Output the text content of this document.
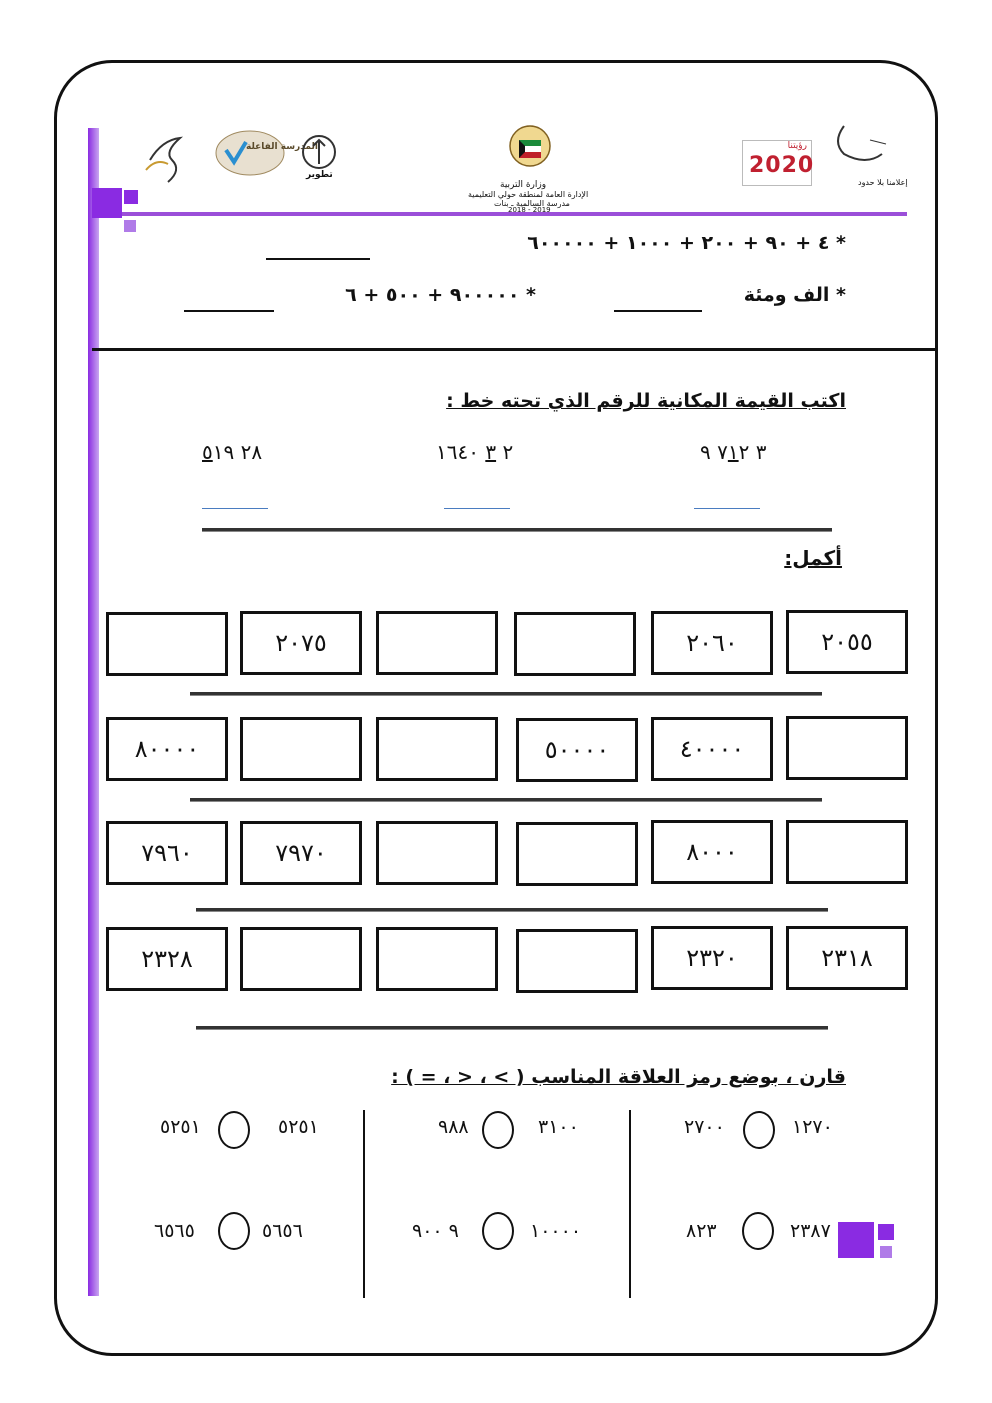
المدرسة الفاعلة
تطوير
وزارة التربية
الإدارة العامة لمنطقة حولي التعليمية
مدرسة السالمية ـ بنات
2018 - 2019
رؤيتنا
2020
إعلامنا بلا حدود
* ٤ + ٩٠ + ٢٠٠ + ١٠٠٠ + ٦٠٠٠٠٠
* الف ومئة
* ٩٠٠٠٠٠ + ٥٠٠ + ٦
اكتب القيمة المكانية للرقم الذي تحته خط :
٣ ٧١٢ ٩
٢ ٣ ١٦٤٠
٢٨ ٥١٩
أكمل:
٢٠٥٥
٢٠٦٠
٢٠٧٥
٤٠٠٠٠
٥٠٠٠٠
٨٠٠٠٠
٨٠٠٠
٧٩٧٠
٧٩٦٠
٢٣١٨
٢٣٢٠
٢٣٢٨
قارن ، بوضع رمز العلاقة المناسب ( > ، < ، = ) :
١٢٧٠
٢٧٠٠
٣١٠٠
٩٨٨
٥٢٥١
٥٢٥١
٢٣٨٧
٨٢٣
١٠٠٠٠
٩ ٩٠٠
٥٦٥٦
٦٥٦٥
